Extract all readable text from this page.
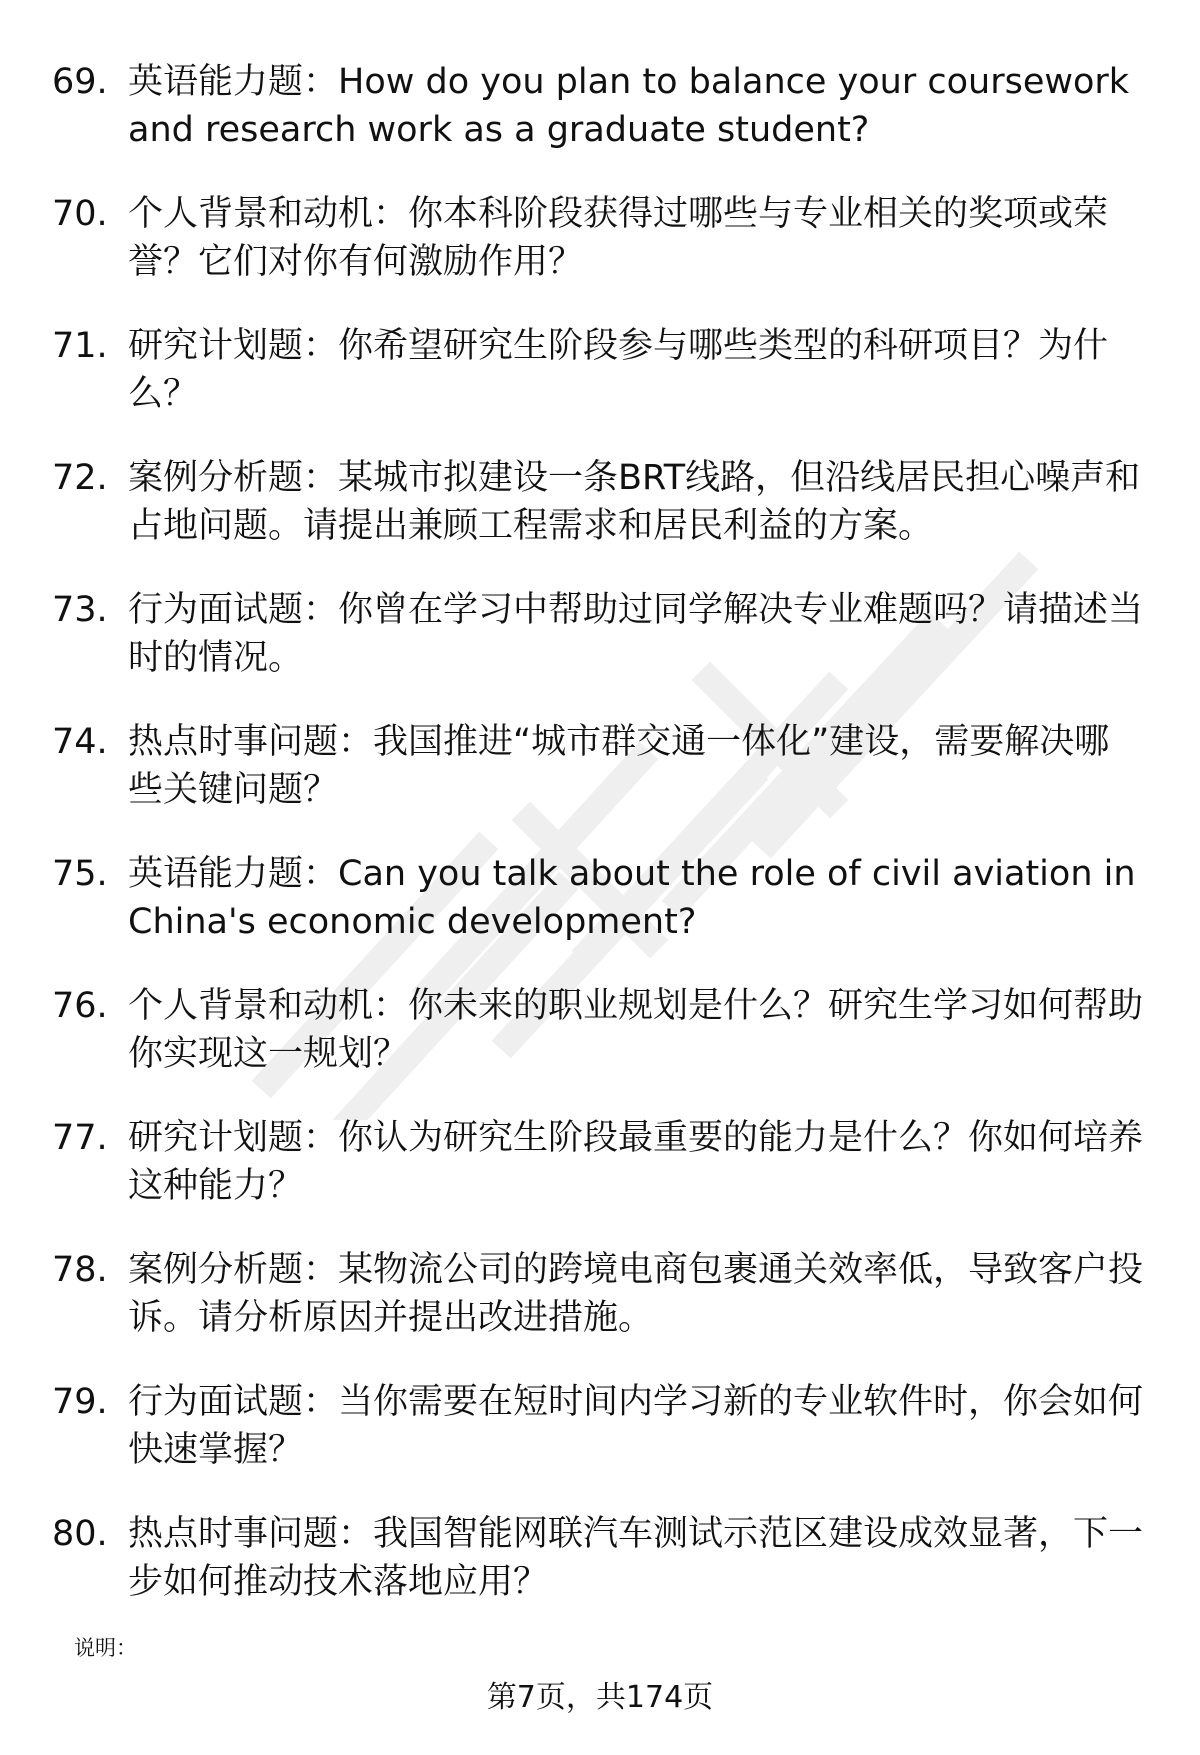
69. 英语能力题：How do you plan to balance your coursework and research work as a graduate student?
70. 个人背景和动机：你本科阶段获得过哪些与专业相关的奖项或荣誉？它们对你有何激励作用？
71. 研究计划题：你希望研究生阶段参与哪些类型的科研项目？为什么？
72. 案例分析题：某城市拟建设一条BRT线路，但沿线居民担心噪声和占地问题。请提出兼顾工程需求和居民利益的方案。
73. 行为面试题：你曾在学习中帮助过同学解决专业难题吗？请描述当时的情况。
74. 热点时事问题：我国推进“城市群交通一体化”建设，需要解决哪些关键问题？
75. 英语能力题：Can you talk about the role of civil aviation in China's economic development?
76. 个人背景和动机：你未来的职业规划是什么？研究生学习如何帮助你实现这一规划？
77. 研究计划题：你认为研究生阶段最重要的能力是什么？你如何培养这种能力？
78. 案例分析题：某物流公司的跨境电商包裹通关效率低，导致客户投诉。请分析原因并提出改进措施。
79. 行为面试题：当你需要在短时间内学习新的专业软件时，你会如何快速掌握？
80. 热点时事问题：我国智能网联汽车测试示范区建设成效显著，下一步如何推动技术落地应用？
说明：
第7页，共174页
